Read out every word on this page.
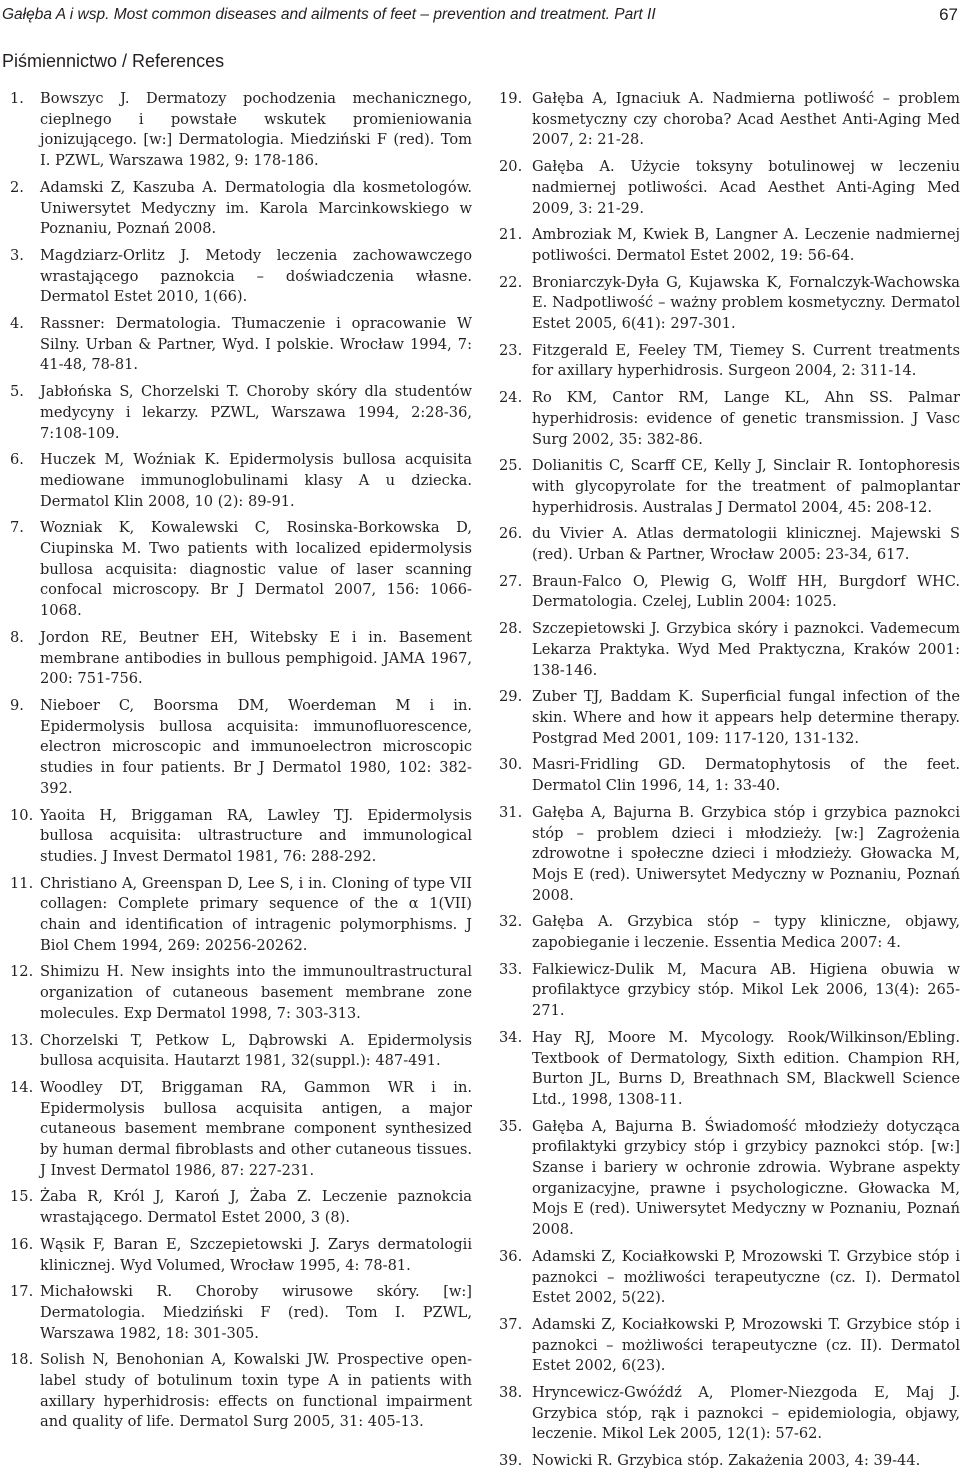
Gałęba A i wsp. Most common diseases and ailments of feet – prevention and treatment. Part II	67
Piśmiennictwo / References
1. Bowszyc J. Dermatozy pochodzenia mechanicznego, cieplnego i powstałe wskutek promieniowania jonizującego. [w:] Dermatologia. Miedziński F (red). Tom I. PZWL, Warszawa 1982, 9: 178-186.
2. Adamski Z, Kaszuba A. Dermatologia dla kosmetologów. Uniwersytet Medyczny im. Karola Marcinkowskiego w Poznaniu, Poznań 2008.
3. Magdziarz-Orlitz J. Metody leczenia zachowawczego wrastającego paznokcia – doświadczenia własne. Dermatol Estet 2010, 1(66).
4. Rassner: Dermatologia. Tłumaczenie i opracowanie W Silny. Urban & Partner, Wyd. I polskie. Wrocław 1994, 7: 41-48, 78-81.
5. Jabłońska S, Chorzelski T. Choroby skóry dla studentów medycyny i lekarzy. PZWL, Warszawa 1994, 2:28-36, 7:108-109.
6. Huczek M, Woźniak K. Epidermolysis bullosa acquisita mediowane immunoglobulinami klasy A u dziecka. Dermatol Klin 2008, 10 (2): 89-91.
7. Wozniak K, Kowalewski C, Rosinska-Borkowska D, Ciupinska M. Two patients with localized epidermolysis bullosa acquisita: diagnostic value of laser scanning confocal microscopy. Br J Dermatol 2007, 156: 1066-1068.
8. Jordon RE, Beutner EH, Witebsky E i in. Basement membrane antibodies in bullous pemphigoid. JAMA 1967, 200: 751-756.
9. Nieboer C, Boorsma DM, Woerdeman M i in. Epidermolysis bullosa acquisita: immunofluorescence, electron microscopic and immunoelectron microscopic studies in four patients. Br J Dermatol 1980, 102: 382-392.
10. Yaoita H, Briggaman RA, Lawley TJ. Epidermolysis bullosa acquisita: ultrastructure and immunological studies. J Invest Dermatol 1981, 76: 288-292.
11. Christiano A, Greenspan D, Lee S, i in. Cloning of type VII collagen: Complete primary sequence of the α 1(VII) chain and identification of intragenic polymorphisms. J Biol Chem 1994, 269: 20256-20262.
12. Shimizu H. New insights into the immunoultrastructural organization of cutaneous basement membrane zone molecules. Exp Dermatol 1998, 7: 303-313.
13. Chorzelski T, Petkow L, Dąbrowski A. Epidermolysis bullosa acquisita. Hautarzt 1981, 32(suppl.): 487-491.
14. Woodley DT, Briggaman RA, Gammon WR i in. Epidermolysis bullosa acquisita antigen, a major cutaneous basement membrane component synthesized by human dermal fibroblasts and other cutaneous tissues. J Invest Dermatol 1986, 87: 227-231.
15. Żaba R, Król J, Karoń J, Żaba Z. Leczenie paznokcia wrastającego. Dermatol Estet 2000, 3 (8).
16. Wąsik F, Baran E, Szczepietowski J. Zarys dermatologii klinicznej. Wyd Volumed, Wrocław 1995, 4: 78-81.
17. Michałowski R. Choroby wirusowe skóry. [w:] Dermatologia. Miedziński F (red). Tom I. PZWL, Warszawa 1982, 18: 301-305.
18. Solish N, Benohonian A, Kowalski JW. Prospective open-label study of botulinum toxin type A in patients with axillary hyperhidrosis: effects on functional impairment and quality of life. Dermatol Surg 2005, 31: 405-13.
19. Gałęba A, Ignaciuk A. Nadmierna potliwość – problem kosmetyczny czy choroba? Acad Aesthet Anti-Aging Med 2007, 2: 21-28.
20. Gałęba A. Użycie toksyny botulinowej w leczeniu nadmiernej potliwości. Acad Aesthet Anti-Aging Med 2009, 3: 21-29.
21. Ambroziak M, Kwiek B, Langner A. Leczenie nadmiernej potliwości. Dermatol Estet 2002, 19: 56-64.
22. Broniarczyk-Dyła G, Kujawska K, Fornalczyk-Wachowska E. Nadpotliwość – ważny problem kosmetyczny. Dermatol Estet 2005, 6(41): 297-301.
23. Fitzgerald E, Feeley TM, Tiemey S. Current treatments for axillary hyperhidrosis. Surgeon 2004, 2: 311-14.
24. Ro KM, Cantor RM, Lange KL, Ahn SS. Palmar hyperhidrosis: evidence of genetic transmission. J Vasc Surg 2002, 35: 382-86.
25. Dolianitis C, Scarff CE, Kelly J, Sinclair R. Iontophoresis with glycopyrolate for the treatment of palmoplantar hyperhidrosis. Australas J Dermatol 2004, 45: 208-12.
26. du Vivier A. Atlas dermatologii klinicznej. Majewski S (red). Urban & Partner, Wrocław 2005: 23-34, 617.
27. Braun-Falco O, Plewig G, Wolff HH, Burgdorf WHC. Dermatologia. Czelej, Lublin 2004: 1025.
28. Szczepietowski J. Grzybica skóry i paznokci. Vademecum Lekarza Praktyka. Wyd Med Praktyczna, Kraków 2001: 138-146.
29. Zuber TJ, Baddam K. Superficial fungal infection of the skin. Where and how it appears help determine therapy. Postgrad Med 2001, 109: 117-120, 131-132.
30. Masri-Fridling GD. Dermatophytosis of the feet. Dermatol Clin 1996, 14, 1: 33-40.
31. Gałęba A, Bajurna B. Grzybica stóp i grzybica paznokci stóp – problem dzieci i młodzieży. [w:] Zagrożenia zdrowotne i społeczne dzieci i młodzieży. Głowacka M, Mojs E (red). Uniwersytet Medyczny w Poznaniu, Poznań 2008.
32. Gałęba A. Grzybica stóp – typy kliniczne, objawy, zapobieganie i leczenie. Essentia Medica 2007: 4.
33. Falkiewicz-Dulik M, Macura AB. Higiena obuwia w profilaktyce grzybicy stóp. Mikol Lek 2006, 13(4): 265-271.
34. Hay RJ, Moore M. Mycology. Rook/Wilkinson/Ebling. Textbook of Dermatology, Sixth edition. Champion RH, Burton JL, Burns D, Breathnach SM, Blackwell Science Ltd., 1998, 1308-11.
35. Gałęba A, Bajurna B. Świadomość młodzieży dotycząca profilaktyki grzybicy stóp i grzybicy paznokci stóp. [w:] Szanse i bariery w ochronie zdrowia. Wybrane aspekty organizacyjne, prawne i psychologiczne. Głowacka M, Mojs E (red). Uniwersytet Medyczny w Poznaniu, Poznań 2008.
36. Adamski Z, Kociałkowski P, Mrozowski T. Grzybice stóp i paznokci – możliwości terapeutyczne (cz. I). Dermatol Estet 2002, 5(22).
37. Adamski Z, Kociałkowski P, Mrozowski T. Grzybice stóp i paznokci – możliwości terapeutyczne (cz. II). Dermatol Estet 2002, 6(23).
38. Hryncewicz-Gwóźdź A, Plomer-Niezgoda E, Maj J. Grzybica stóp, rąk i paznokci – epidemiologia, objawy, leczenie. Mikol Lek 2005, 12(1): 57-62.
39. Nowicki R. Grzybica stóp. Zakażenia 2003, 4: 39-44.
